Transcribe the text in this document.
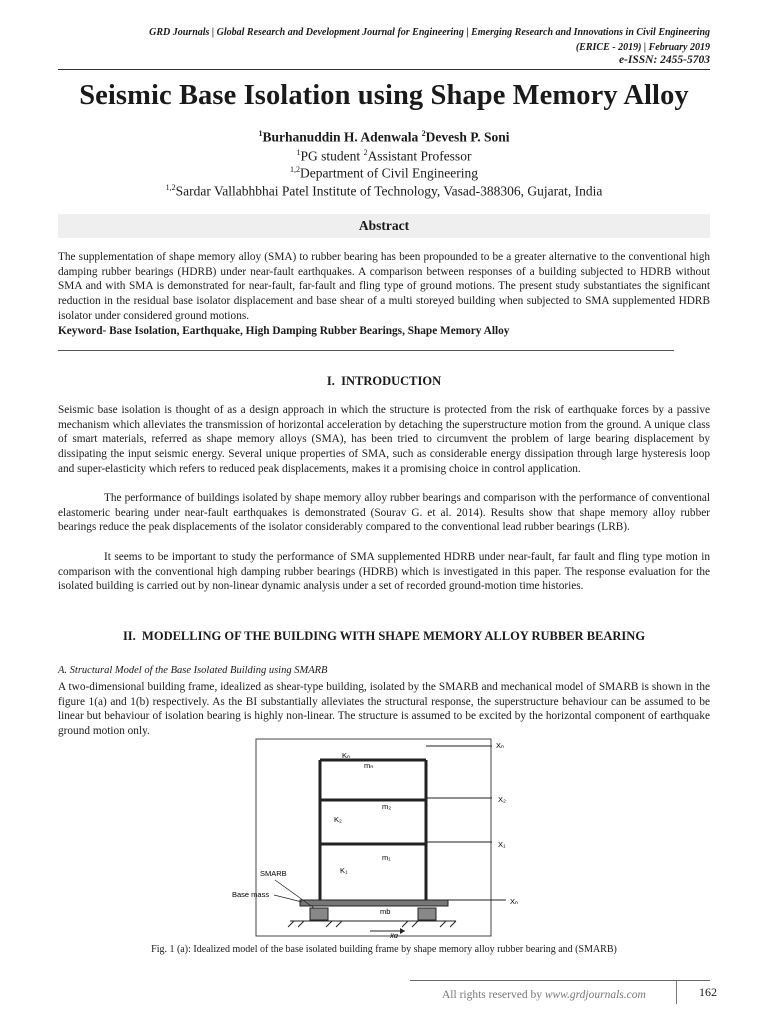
GRD Journals | Global Research and Development Journal for Engineering | Emerging Research and Innovations in Civil Engineering
(ERICE - 2019) | February 2019
e-ISSN: 2455-5703
Seismic Base Isolation using Shape Memory Alloy
$^1$Burhanuddin H. Adenwala $^2$Devesh P. Soni
$^1$PG student $^2$Assistant Professor
$^{1,2}$Department of Civil Engineering
$^{1,2}$Sardar Vallabhbhai Patel Institute of Technology, Vasad-388306, Gujarat, India
Abstract
The supplementation of shape memory alloy (SMA) to rubber bearing has been propounded to be a greater alternative to the conventional high damping rubber bearings (HDRB) under near-fault earthquakes. A comparison between responses of a building subjected to HDRB without SMA and with SMA is demonstrated for near-fault, far-fault and fling type of ground motions. The present study substantiates the significant reduction in the residual base isolator displacement and base shear of a multi storeyed building when subjected to SMA supplemented HDRB isolator under considered ground motions.
Keyword- Base Isolation, Earthquake, High Damping Rubber Bearings, Shape Memory Alloy
I. INTRODUCTION
Seismic base isolation is thought of as a design approach in which the structure is protected from the risk of earthquake forces by a passive mechanism which alleviates the transmission of horizontal acceleration by detaching the superstructure motion from the ground. A unique class of smart materials, referred as shape memory alloys (SMA), has been tried to circumvent the problem of large bearing displacement by dissipating the input seismic energy. Several unique properties of SMA, such as considerable energy dissipation through large hysteresis loop and super-elasticity which refers to reduced peak displacements, makes it a promising choice in control application.
The performance of buildings isolated by shape memory alloy rubber bearings and comparison with the performance of conventional elastomeric bearing under near-fault earthquakes is demonstrated (Sourav G. et al. 2014). Results show that shape memory alloy rubber bearings reduce the peak displacements of the isolator considerably compared to the conventional lead rubber bearings (LRB).
It seems to be important to study the performance of SMA supplemented HDRB under near-fault, far fault and fling type motion in comparison with the conventional high damping rubber bearings (HDRB) which is investigated in this paper. The response evaluation for the isolated building is carried out by non-linear dynamic analysis under a set of recorded ground-motion time histories.
II. MODELLING OF THE BUILDING WITH SHAPE MEMORY ALLOY RUBBER BEARING
A. Structural Model of the Base Isolated Building using SMARB
A two-dimensional building frame, idealized as shear-type building, isolated by the SMARB and mechanical model of SMARB is shown in the figure 1(a) and 1(b) respectively. As the BI substantially alleviates the structural response, the superstructure behaviour can be assumed to be linear but behaviour of isolation bearing is highly non-linear. The structure is assumed to be excited by the horizontal component of earthquake ground motion only.
Kₙ
mₙ
Xₙ
m₂
X₂
K₂
X₁
m₁
K₁
SMARB
Base mass
Xₙ
mb
ẍg
Fig. 1 (a): Idealized model of the base isolated building frame by shape memory alloy rubber bearing and (SMARB)
All rights reserved by www.grdjournals.com	162
